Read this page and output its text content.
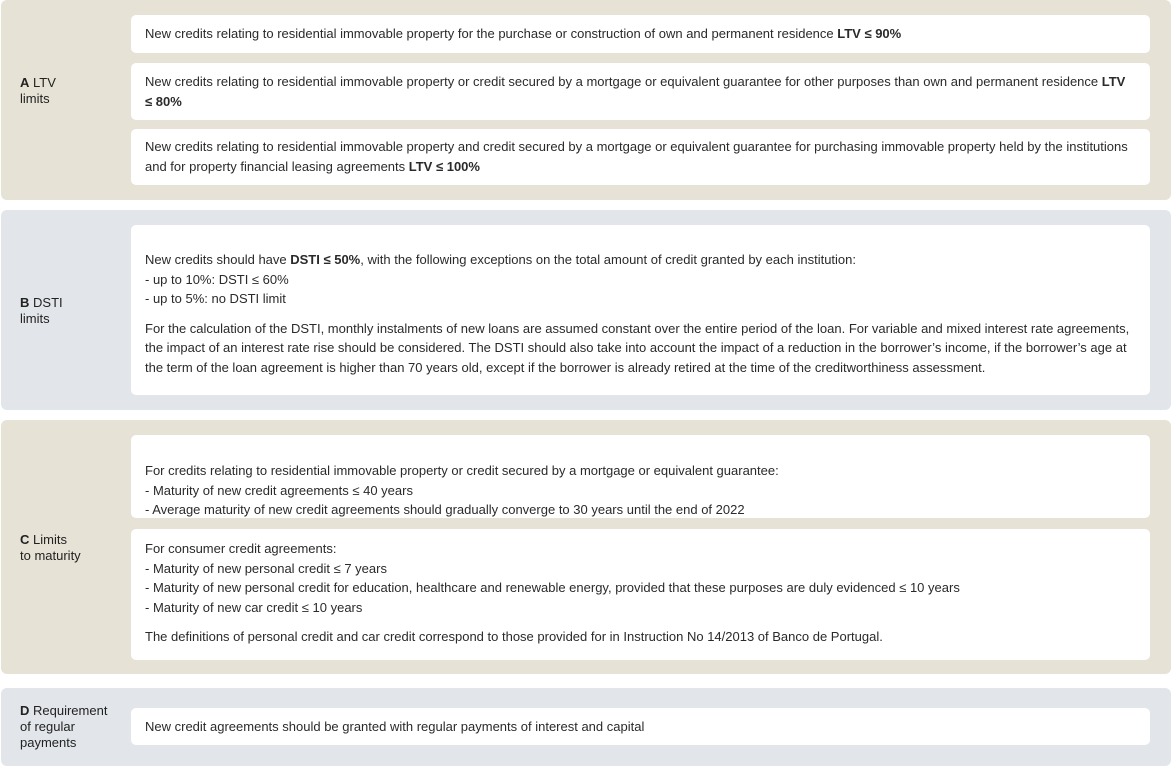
A LTV
limits

New credits relating to residential immovable property for the purchase or construction of own and permanent residence LTV ≤ 90%

New credits relating to residential immovable property or credit secured by a mortgage or equivalent guarantee for other purposes than own and permanent residence LTV ≤ 80%

New credits relating to residential immovable property and credit secured by a mortgage or equivalent guarantee for purchasing immovable property held by the institutions and for property financial leasing agreements LTV ≤ 100%

B DSTI
limits

New credits should have DSTI ≤ 50%, with the following exceptions on the total amount of credit granted by each institution:

- up to 10%: DSTI ≤ 60%

- up to 5%: no DSTI limit

For the calculation of the DSTI, monthly instalments of new loans are assumed constant over the entire period of the loan. For variable and mixed interest rate agreements, the impact of an interest rate rise should be considered. The DSTI should also take into account the impact of a reduction in the borrower’s income, if the borrower’s age at the term of the loan agreement is higher than 70 years old, except if the borrower is already retired at the time of the creditworthiness assessment.

C Limits
to maturity

For credits relating to residential immovable property or credit secured by a mortgage or equivalent guarantee:

- Maturity of new credit agreements ≤ 40 years

- Average maturity of new credit agreements should gradually converge to 30 years until the end of 2022

For consumer credit agreements:

- Maturity of new personal credit ≤ 7 years

- Maturity of new personal credit for education, healthcare and renewable energy, provided that these purposes are duly evidenced ≤ 10 years

- Maturity of new car credit ≤ 10 years

The definitions of personal credit and car credit correspond to those provided for in Instruction No 14/2013 of Banco de Portugal.

D Requirement
of regular
payments

New credit agreements should be granted with regular payments of interest and capital
